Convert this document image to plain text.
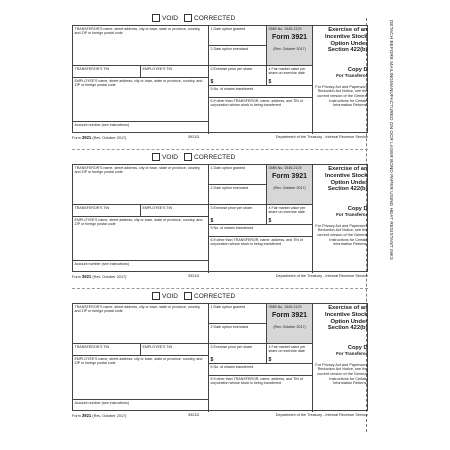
DETACH BEFORE MAILING
MANUFACTURED ON OCR LASER BOND PAPER USING HEAT RESISTANT INKS
VOID CORRECTED
TRANSFEROR'S name, street address, city or town, state or province, country, and ZIP or foreign postal code
TRANSFEROR'S TIN	EMPLOYEE'S TIN
EMPLOYEE'S name, street address, city or town, state or province, country, and ZIP or foreign postal code
Account number (see instructions)
1 Date option granted
2 Date option exercised
3 Exercise price per share
$
4 Fair market value per share on exercise date
$
5 No. of shares transferred
6 If other than TRANSFEROR, name, address, and TIN of corporation whose stock is being transferred
OMB No. 1545-2129
Form 3921
(Rev. October 2017)
Exercise of an Incentive Stock Option Under Section 422(b)
Copy D
For Transferor
For Privacy Act and Paperwork Reduction Act Notice, see the current version of the General Instructions for Certain Information Returns.
Form 3921 (Rev. October 2017)	3921D	Department of the Treasury - Internal Revenue Service
VOID CORRECTED
TRANSFEROR'S name, street address, city or town, state or province, country, and ZIP or foreign postal code
TRANSFEROR'S TIN	EMPLOYEE'S TIN
EMPLOYEE'S name, street address, city or town, state or province, country, and ZIP or foreign postal code
Account number (see instructions)
1 Date option granted
2 Date option exercised
3 Exercise price per share
$
4 Fair market value per share on exercise date
$
5 No. of shares transferred
6 If other than TRANSFEROR, name, address, and TIN of corporation whose stock is being transferred
OMB No. 1545-2129
Form 3921
(Rev. October 2017)
Exercise of an Incentive Stock Option Under Section 422(b)
Copy D
For Transferor
For Privacy Act and Paperwork Reduction Act Notice, see the current version of the General Instructions for Certain Information Returns.
Form 3921 (Rev. October 2017)	3921D	Department of the Treasury - Internal Revenue Service
VOID CORRECTED
TRANSFEROR'S name, street address, city or town, state or province, country, and ZIP or foreign postal code
TRANSFEROR'S TIN	EMPLOYEE'S TIN
EMPLOYEE'S name, street address, city or town, state or province, country, and ZIP or foreign postal code
Account number (see instructions)
1 Date option granted
2 Date option exercised
3 Exercise price per share
$
4 Fair market value per share on exercise date
$
5 No. of shares transferred
6 If other than TRANSFEROR, name, address, and TIN of corporation whose stock is being transferred
OMB No. 1545-2129
Form 3921
(Rev. October 2017)
Exercise of an Incentive Stock Option Under Section 422(b)
Copy D
For Transferor
For Privacy Act and Paperwork Reduction Act Notice, see the current version of the General Instructions for Certain Information Returns.
Form 3921 (Rev. October 2017)	3921D	Department of the Treasury - Internal Revenue Service
